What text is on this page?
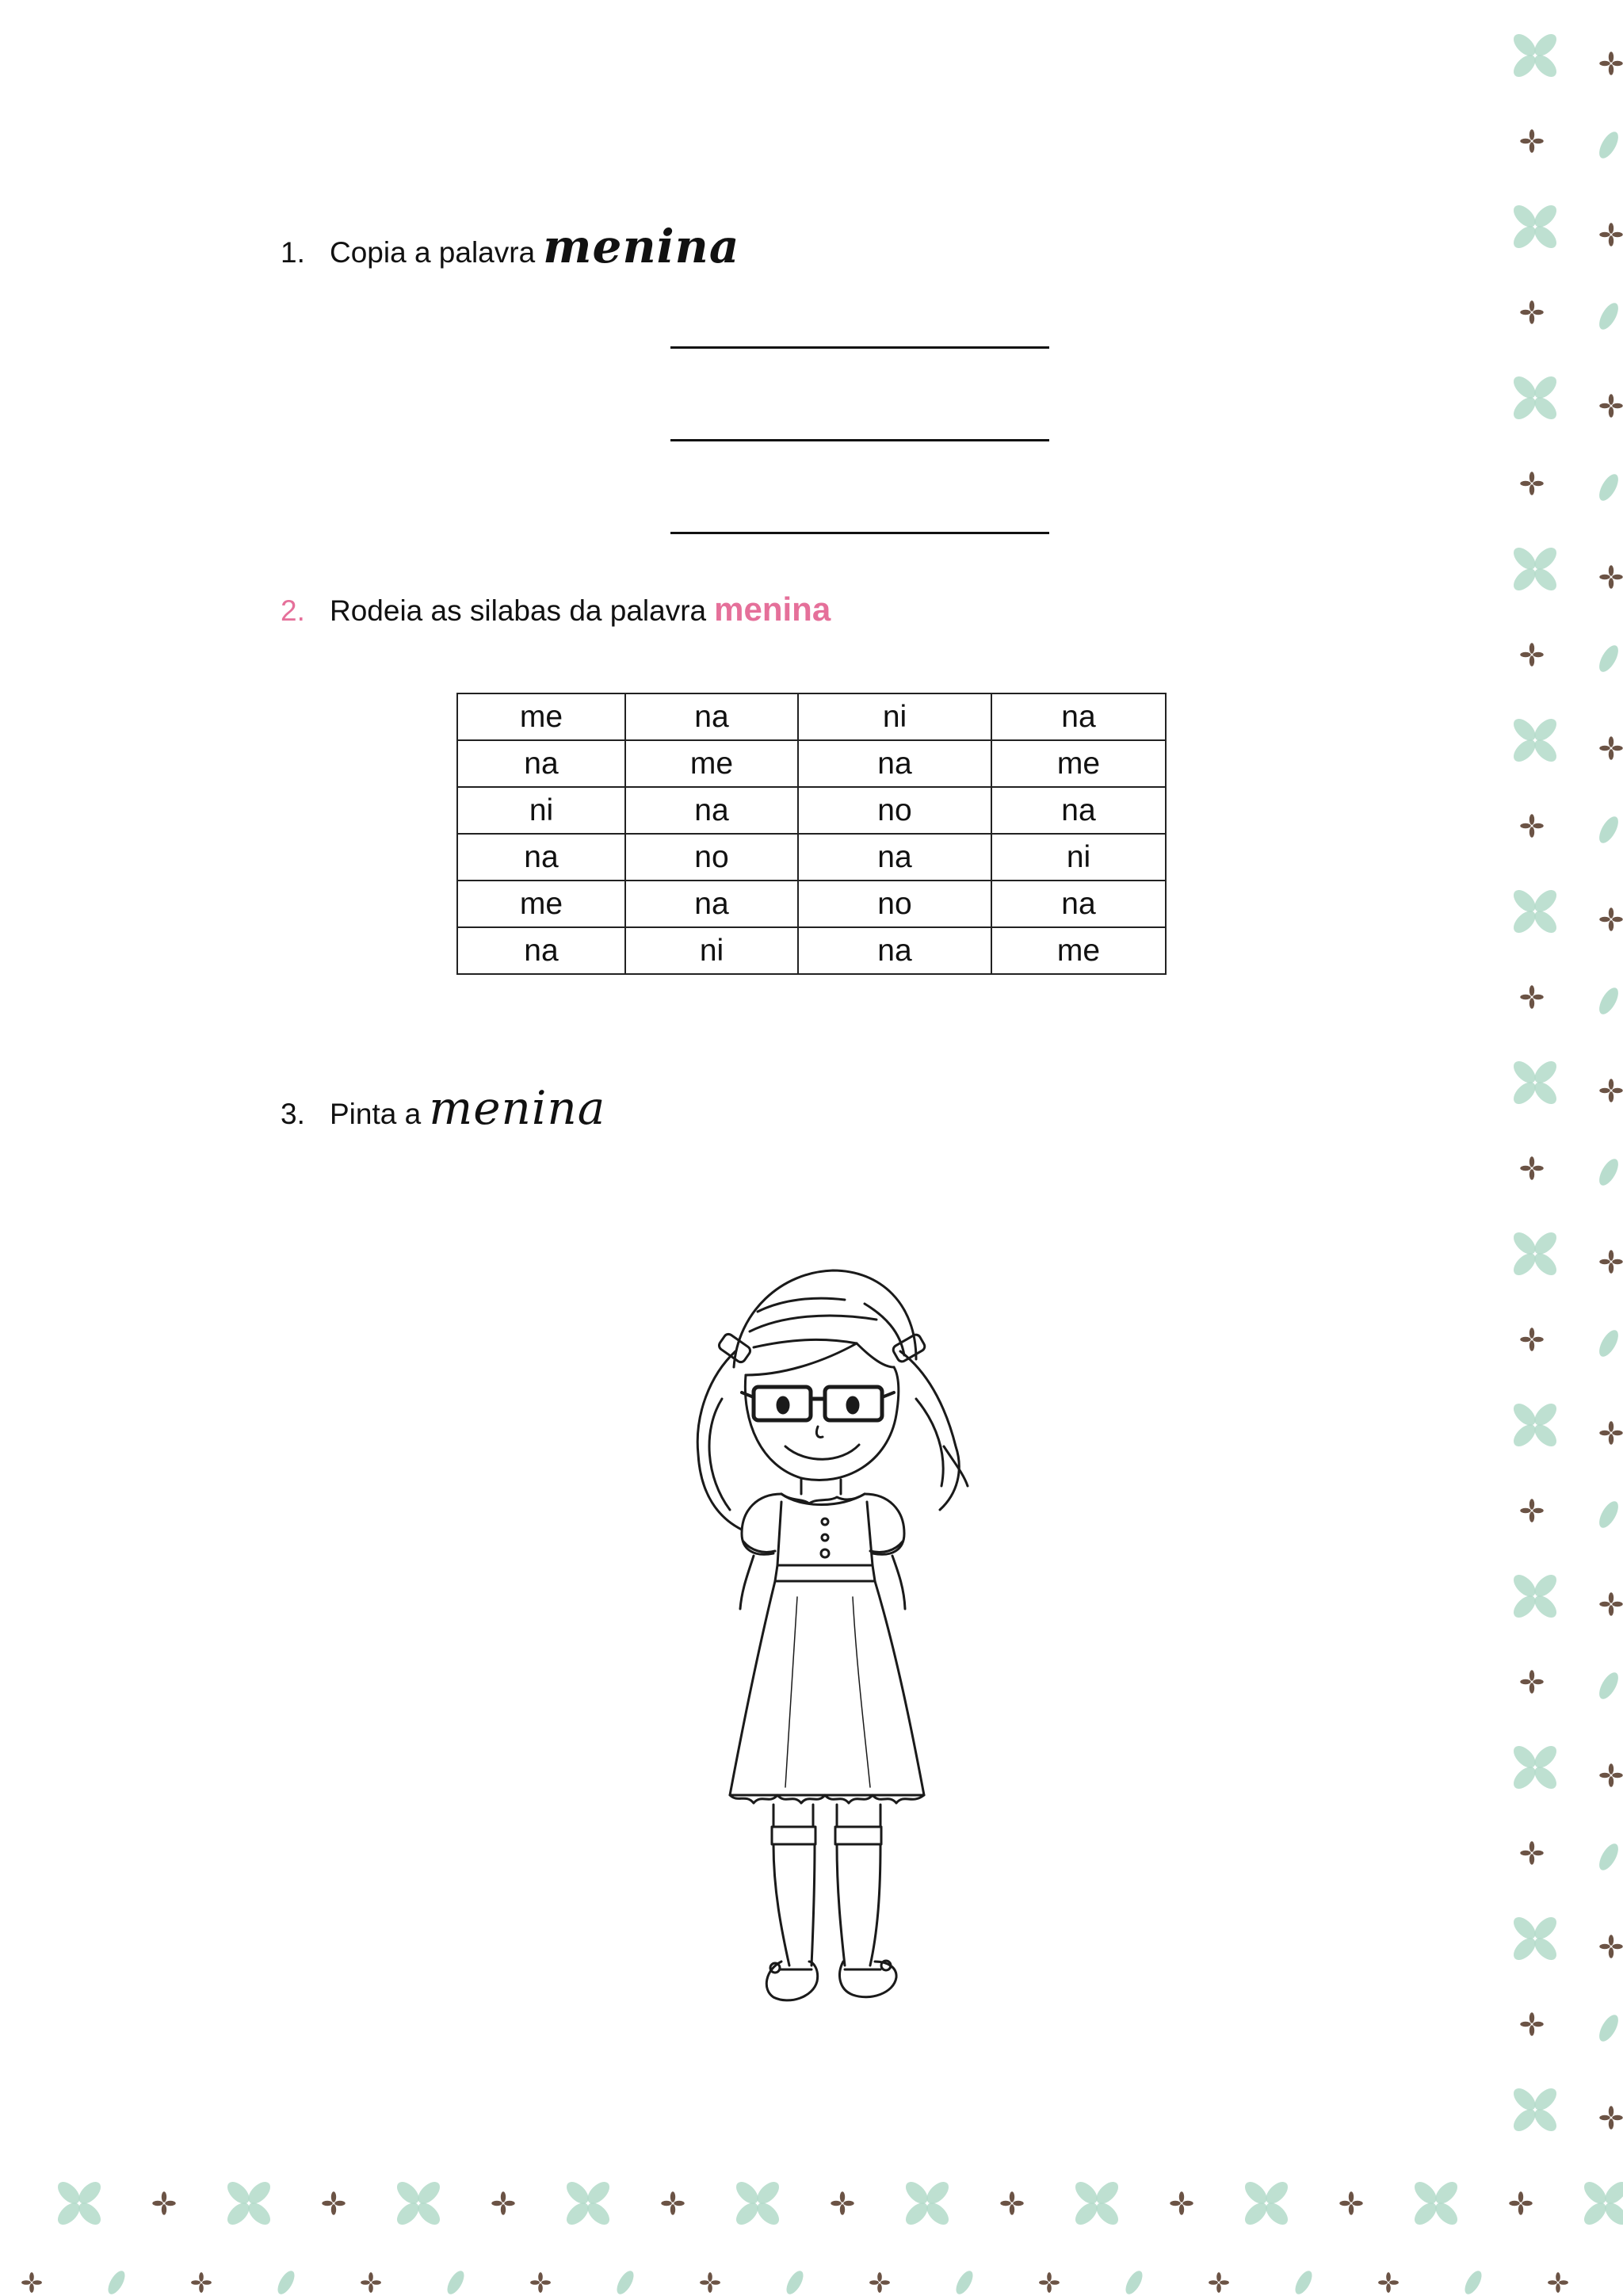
1. Copia a palavra menina
2. Rodeia as silabas da palavra menina
me	na	ni	na
na	me	na	me
ni	na	no	na
na	no	na	ni
me	na	no	na
na	ni	na	me
3. Pinta a menina
